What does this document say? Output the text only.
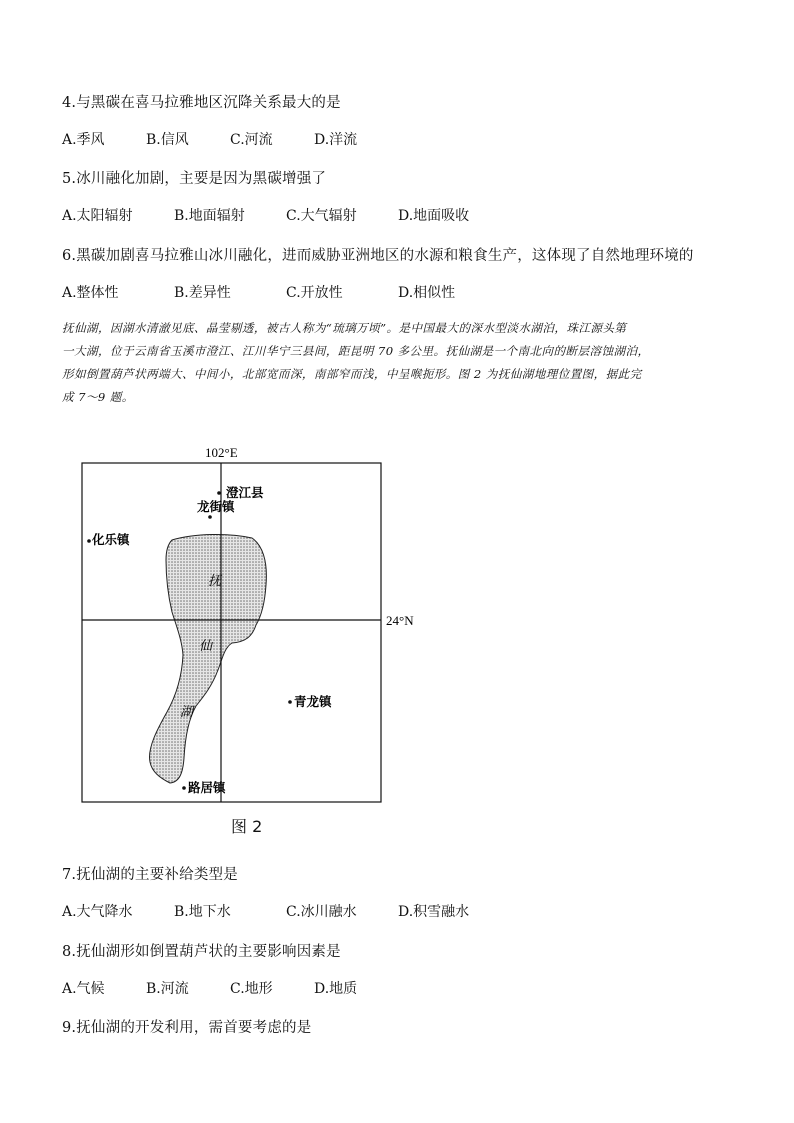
4.与黑碳在喜马拉雅地区沉降关系最大的是
A.季风	B.信风	C.河流	D.洋流
5.冰川融化加剧，主要是因为黑碳增强了
A.太阳辐射	B.地面辐射	C.大气辐射	D.地面吸收
6.黑碳加剧喜马拉雅山冰川融化，进而威胁亚洲地区的水源和粮食生产，这体现了自然地理环境的
A.整体性	B.差异性	C.开放性	D.相似性

抚仙湖，因湖水清澈见底、晶莹剔透，被古人称为“琉璃万顷”。是中国最大的深水型淡水湖泊，珠江源头第

一大湖，位于云南省玉溪市澄江、江川华宁三县间，距昆明 70 多公里。抚仙湖是一个南北向的断层溶蚀湖泊，

形如倒置葫芦状两端大、中间小，北部宽而深，南部窄而浅，中呈喉扼形。图 2 为抚仙湖地理位置图，据此完

成 7～9 题。

102°E
24°N
澄江县
龙街镇
化乐镇
青龙镇
路居镇
抚
仙
湖
图 2
7.抚仙湖的主要补给类型是
A.大气降水	B.地下水	C.冰川融水	D.积雪融水
8.抚仙湖形如倒置葫芦状的主要影响因素是
A.气候	B.河流	C.地形	D.地质
9.抚仙湖的开发利用，需首要考虑的是
